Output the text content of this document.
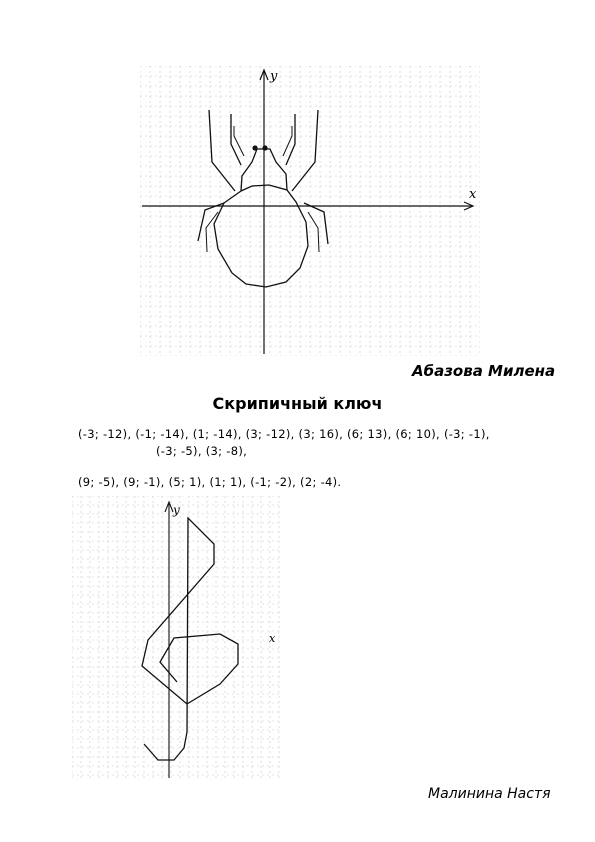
у
х
Абазова Милена
Скрипичный ключ
(-3; -12), (-1; -14), (1; -14), (3; -12), (3; 16), (6; 13), (6; 10), (-3; -1),
(-3; -5), (3; -8),
(9; -5), (9; -1), (5; 1), (1; 1), (-1; -2), (2; -4).
у
х
Малинина Настя
